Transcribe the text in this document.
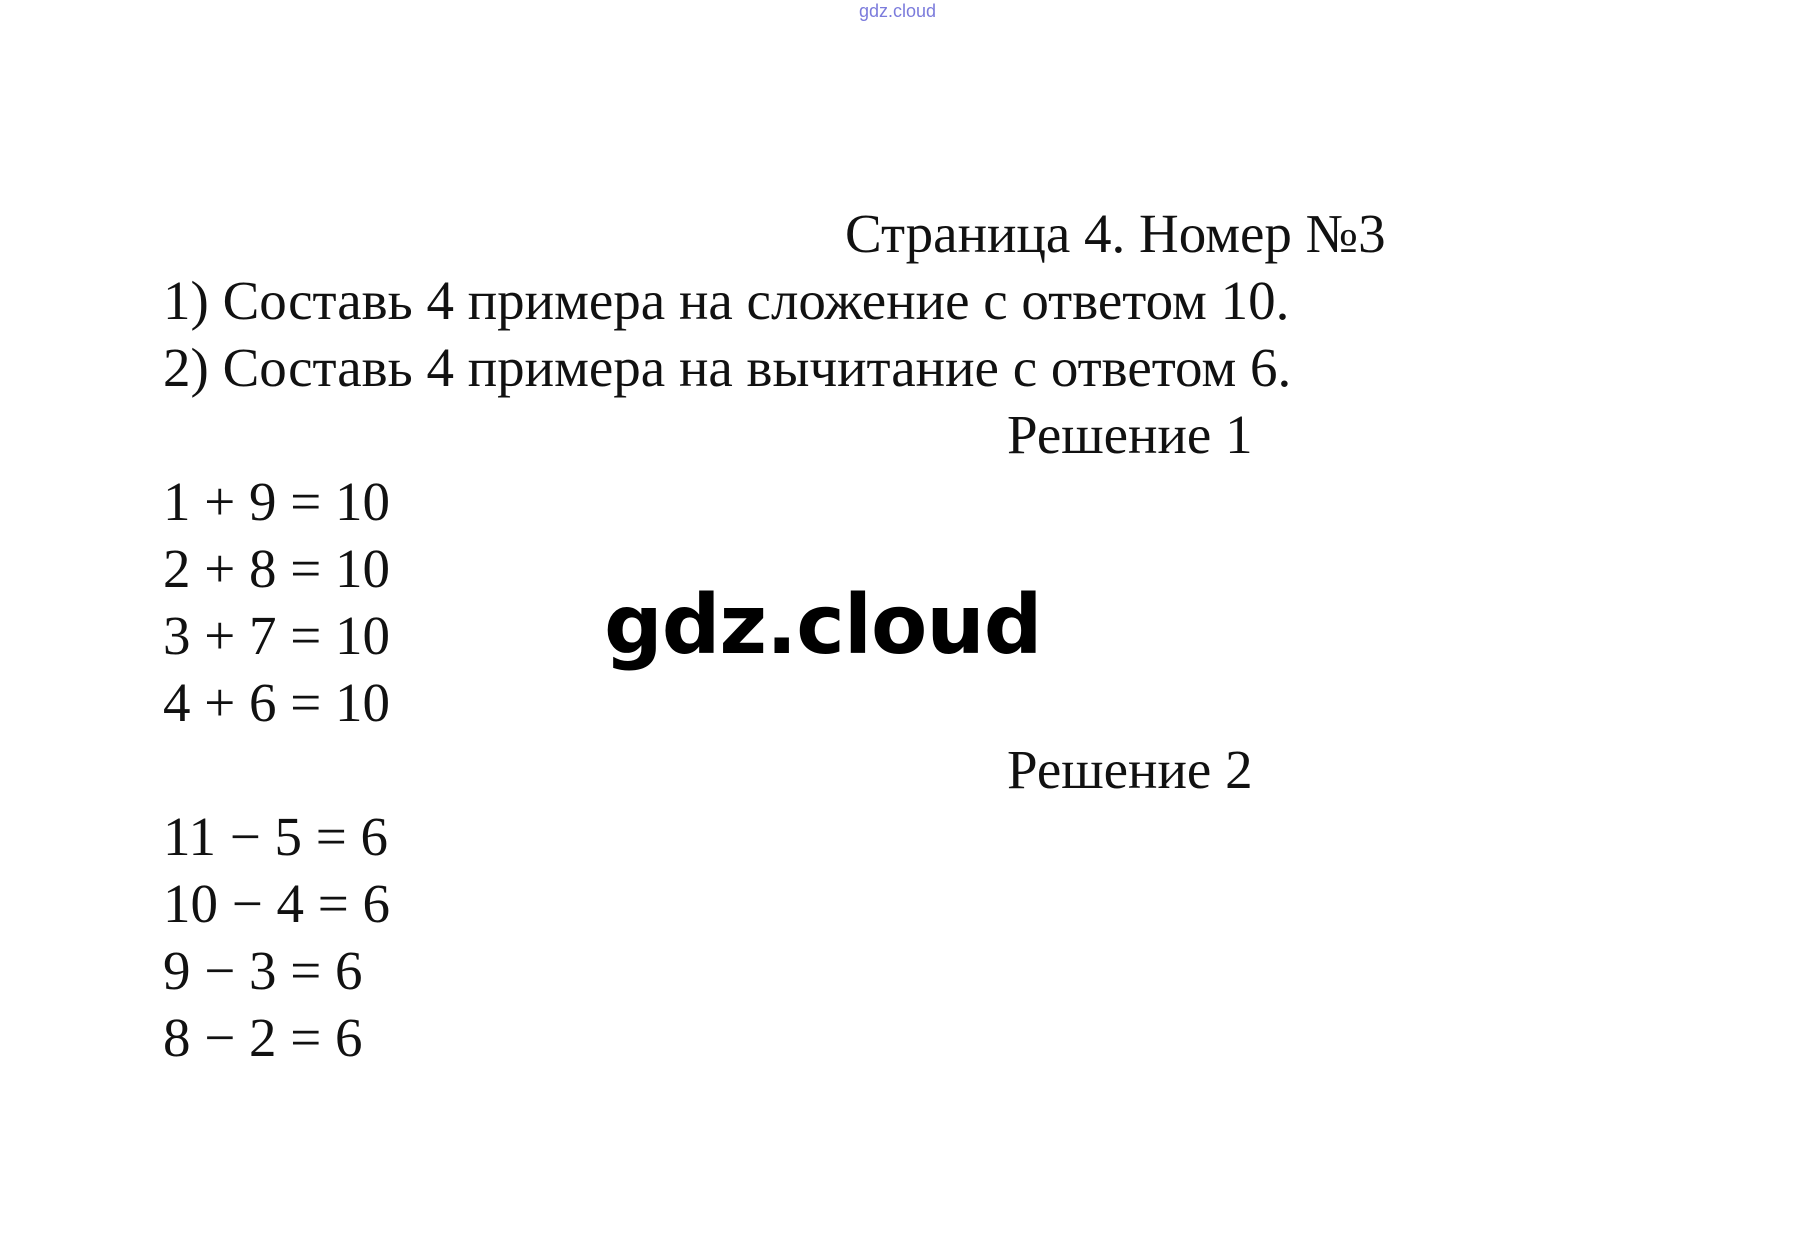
gdz.cloud
Страница 4. Номер №3
1) Составь 4 примера на сложение с ответом 10.
2) Составь 4 примера на вычитание с ответом 6.
Решение 1
1 + 9 = 10
2 + 8 = 10
3 + 7 = 10
4 + 6 = 10
gdz.cloud
Решение 2
11 − 5 = 6
10 − 4 = 6
9 − 3 = 6
8 − 2 = 6
